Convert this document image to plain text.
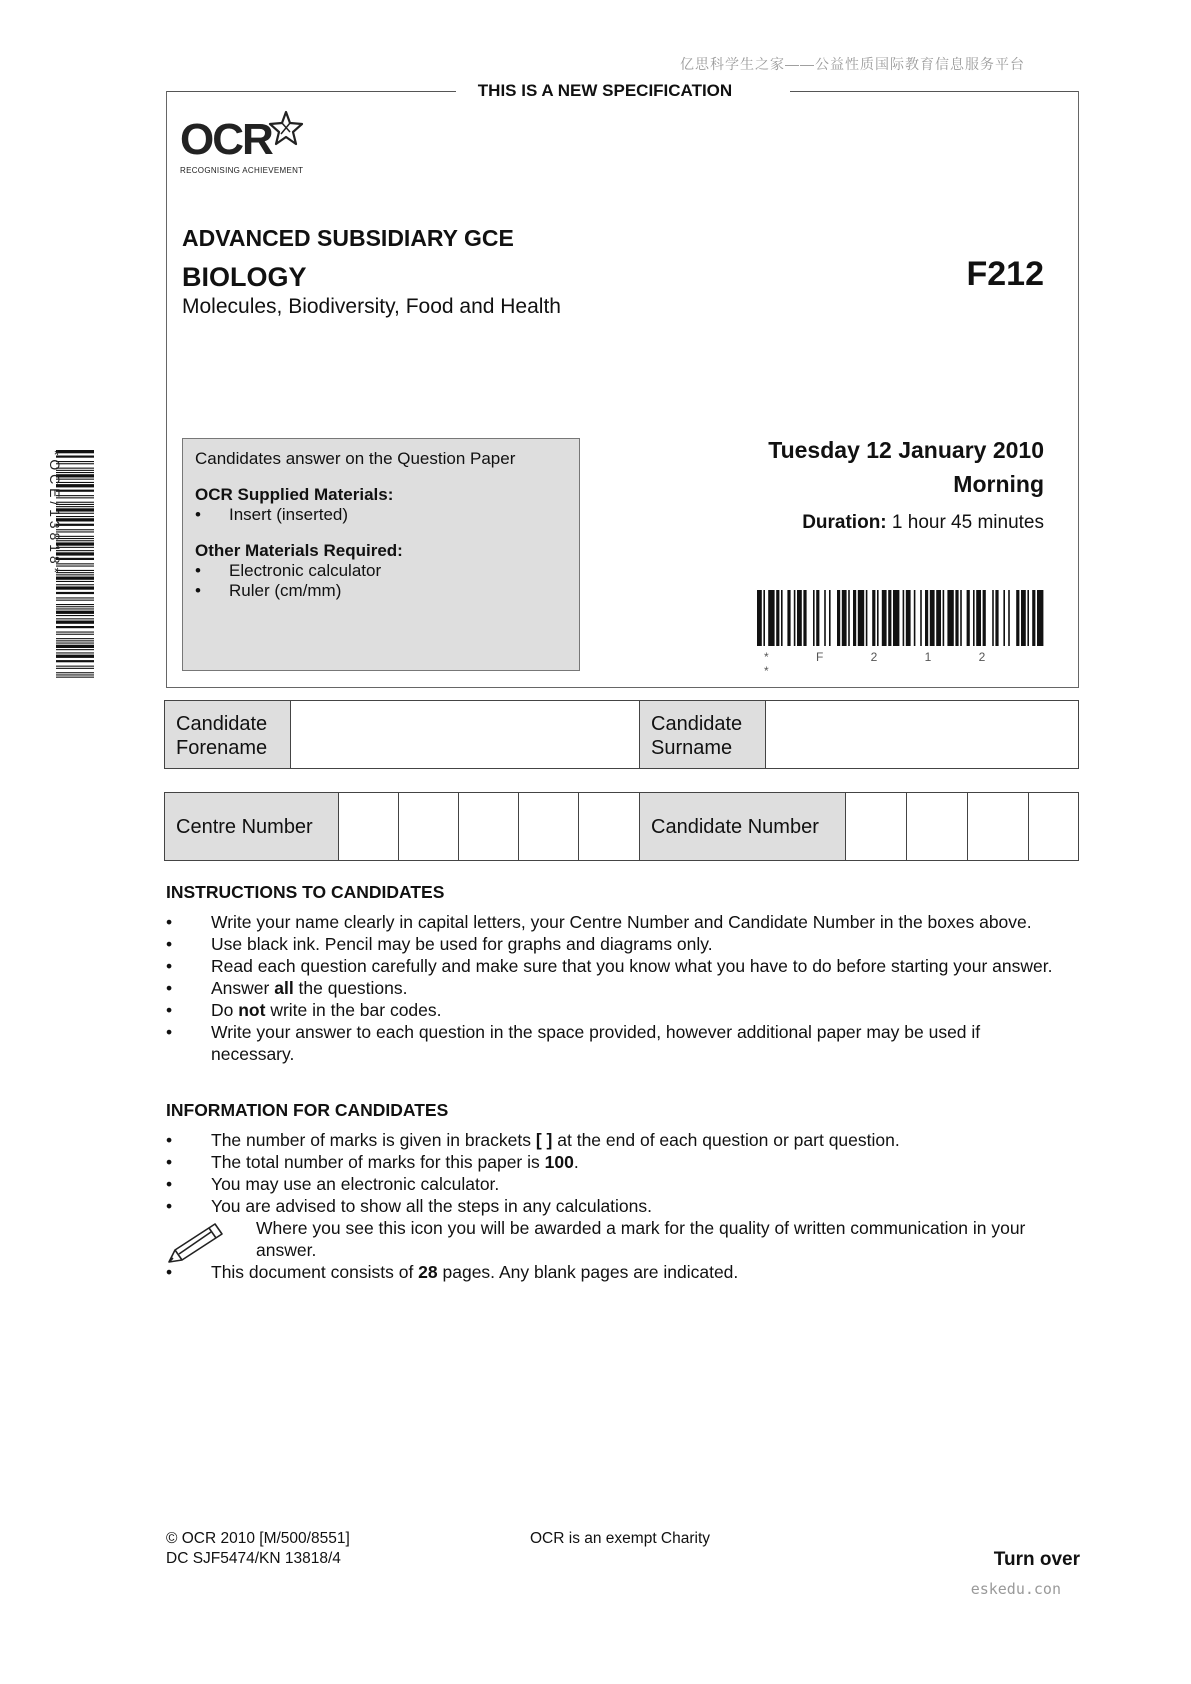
亿思科学生之家——公益性质国际教育信息服务平台
THIS IS A NEW SPECIFICATION
OCR
RECOGNISING ACHIEVEMENT
ADVANCED SUBSIDIARY GCE
BIOLOGY
Molecules, Biodiversity, Food and Health
F212
* O C E / 1 3 8 1 8 *	Candidates answer on the Question Paper
OCR Supplied Materials:
•	Insert (inserted)
Other Materials Required:
•	Electronic calculator
•	Ruler (cm/mm)
Tuesday 12 January 2010
Morning
Duration: 1 hour 45 minutes
* F 2 1 2 *
Candidate
Forename
Candidate
Surname
Centre Number	Candidate Number
INSTRUCTIONS TO CANDIDATES
•	Write your name clearly in capital letters, your Centre Number and Candidate Number in the boxes above.
•	Use black ink. Pencil may be used for graphs and diagrams only.
•	Read each question carefully and make sure that you know what you have to do before starting your answer.
•	Answer all the questions.
•	Do not write in the bar codes.
•	Write your answer to each question in the space provided, however additional paper may be used if necessary.
INFORMATION FOR CANDIDATES
•	The number of marks is given in brackets [ ] at the end of each question or part question.
•	The total number of marks for this paper is 100.
•	You may use an electronic calculator.
•	You are advised to show all the steps in any calculations.
Where you see this icon you will be awarded a mark for the quality of written communication in your answer.
•	This document consists of 28 pages. Any blank pages are indicated.
© OCR 2010 [M/500/8551]
DC SJF5474/KN 13818/4
OCR is an exempt Charity
Turn over
eskedu.con
